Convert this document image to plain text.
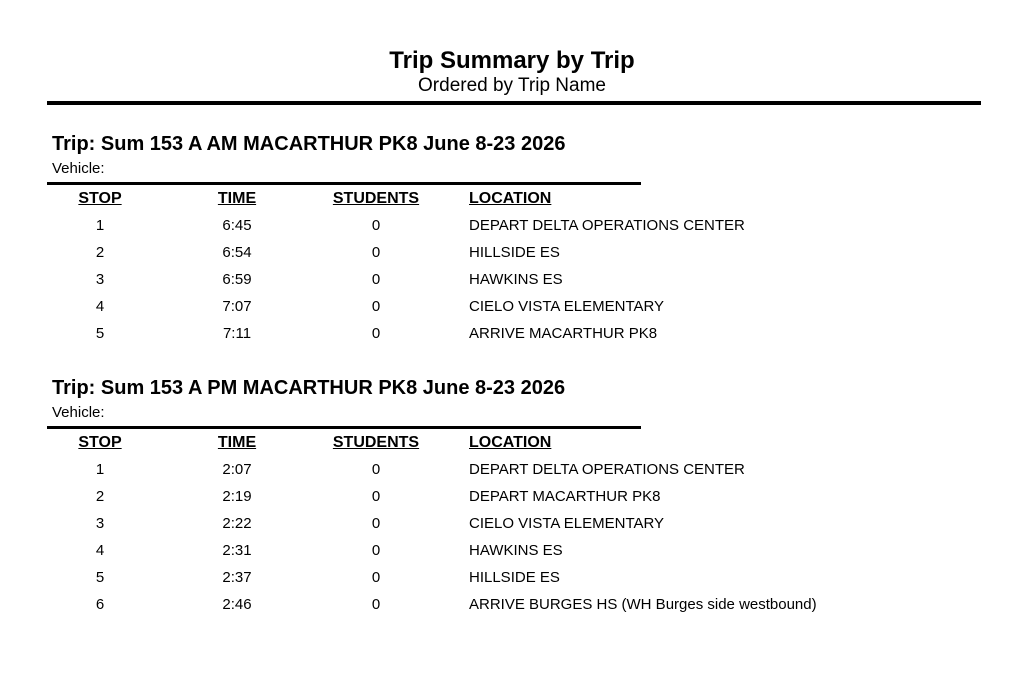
Trip Summary by Trip
Ordered by Trip Name
Trip: Sum 153 A AM MACARTHUR PK8 June 8-23 2026
Vehicle:
STOP	TIME	STUDENTS	LOCATION
1	6:45	0	DEPART DELTA OPERATIONS CENTER
2	6:54	0	HILLSIDE ES
3	6:59	0	HAWKINS ES
4	7:07	0	CIELO VISTA ELEMENTARY
5	7:11	0	ARRIVE MACARTHUR PK8
Trip: Sum 153 A PM MACARTHUR PK8 June 8-23 2026
Vehicle:
STOP	TIME	STUDENTS	LOCATION
1	2:07	0	DEPART DELTA OPERATIONS CENTER
2	2:19	0	DEPART MACARTHUR PK8
3	2:22	0	CIELO VISTA ELEMENTARY
4	2:31	0	HAWKINS ES
5	2:37	0	HILLSIDE ES
6	2:46	0	ARRIVE BURGES HS (WH Burges side westbound)
